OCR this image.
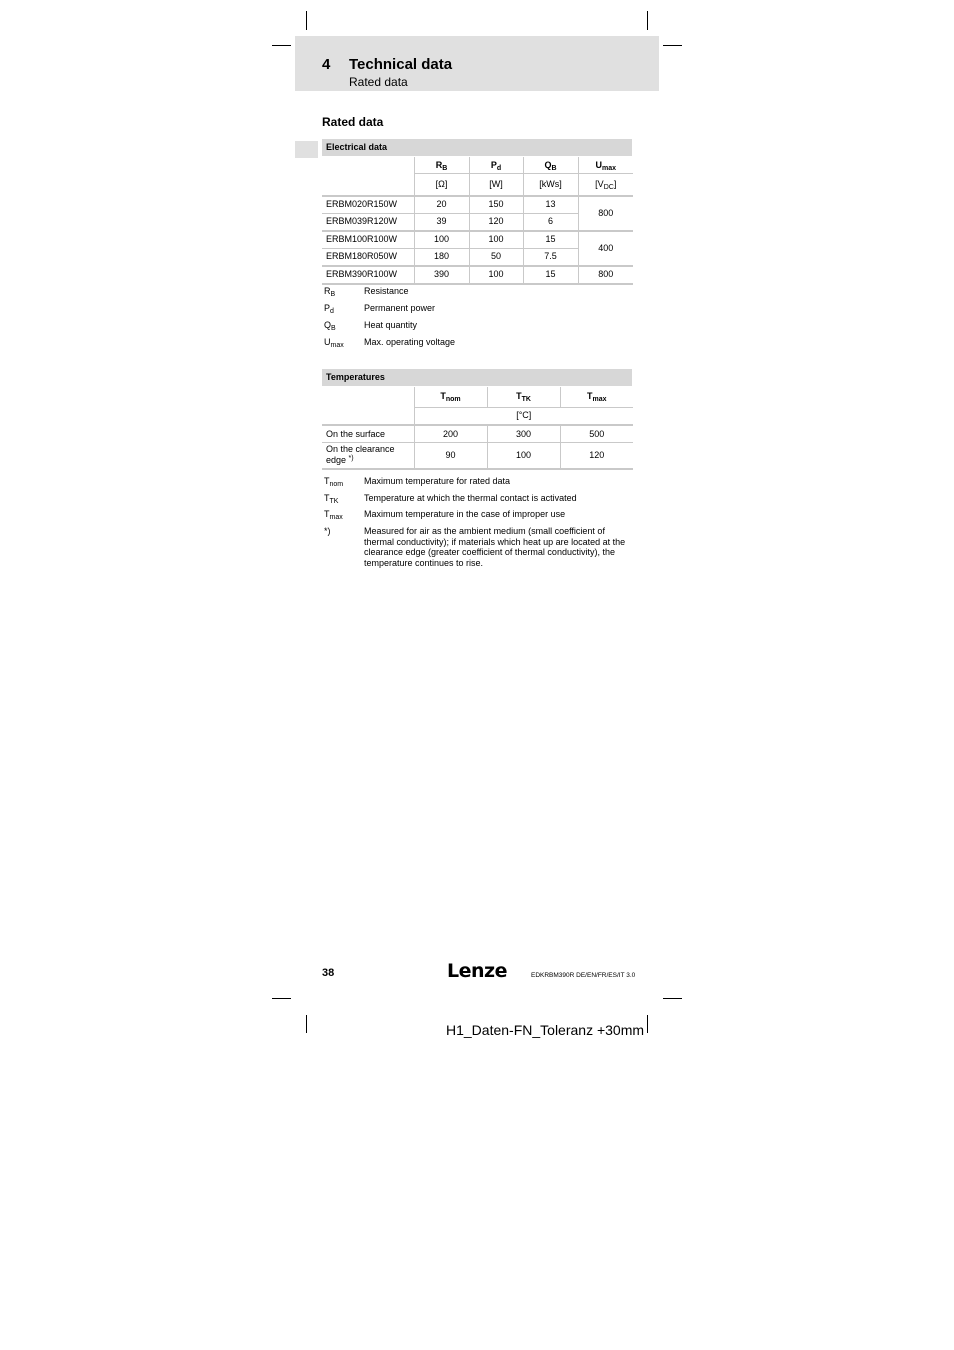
4 Technical data
Rated data
Rated data
Electrical data
	$R_B$	$P_d$	$Q_B$	$U_{max}$
	[Ω]	[W]	[kWs]	$[V_{DC}]$
ERBM020R150W	20	150	13	800
ERBM039R120W	39	120	6	
ERBM100R100W	100	100	15	400
ERBM180R050W	180	50	7.5	
ERBM390R100W	390	100	15	800
$R_B$	Resistance
$P_d$	Permanent power
$Q_B$	Heat quantity
$U_{max}$ Max. operating voltage
Temperatures
	$T_{nom}$	$T_{TK}$	$T_{max}$
	[°C]		
On the surface	200	300	500
On the clearance edge *)	90	100	120
$T_{nom}$ Maximum temperature for rated data
$T_{TK}$	Temperature at which the thermal contact is activated
$T_{max}$ Maximum temperature in the case of improper use
*)	Measured for air as the ambient medium (small coefficient of thermal conductivity); if materials which heat up are located at the clearance edge (greater coefficient of thermal conductivity), the temperature continues to rise.
38	Lenze	EDKRBM390R DE/EN/FR/ES/IT 3.0
H1_Daten-FN_Toleranz +30mm
